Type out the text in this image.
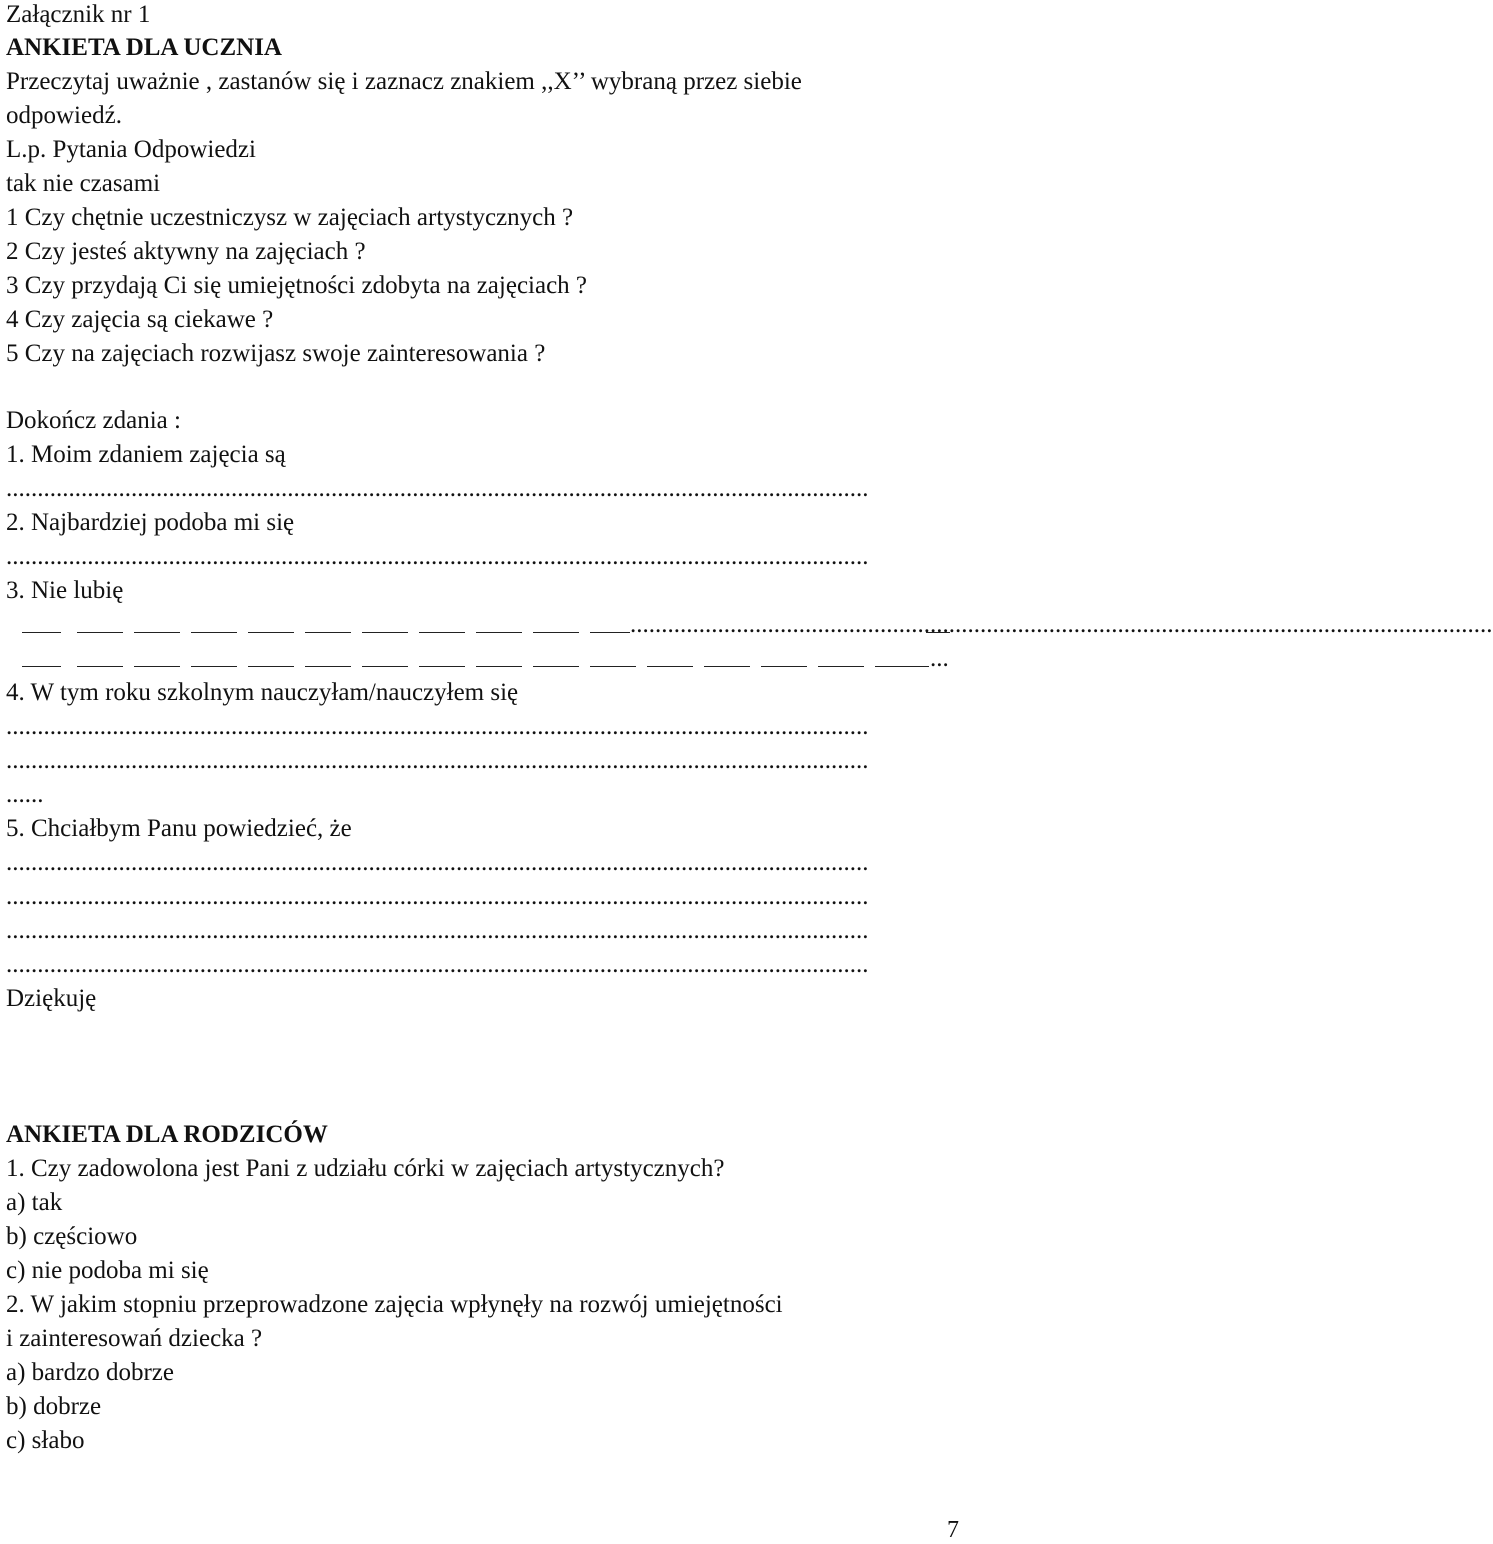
Załącznik nr 1
ANKIETA DLA UCZNIA
Przeczytaj uważnie , zastanów się i zaznacz znakiem ,,X’’ wybraną przez siebie
odpowiedź.
L.p. Pytania Odpowiedzi
tak nie czasami
1 Czy chętnie uczestniczysz w zajęciach artystycznych ?
2 Czy jesteś aktywny na zajęciach ?
3 Czy przydają Ci się umiejętności zdobyta na zajęciach ?
4 Czy zajęcia są ciekawe ?
5 Czy na zajęciach rozwijasz swoje zainteresowania ?
Dokończ zdania :
1. Moim zdaniem zajęcia są
..........................................................................................................................................
2. Najbardziej podoba mi się
..........................................................................................................................................
3. Nie lubię
..........................................................................................................................................
...
4. W tym roku szkolnym nauczyłam/nauczyłem się
..........................................................................................................................................
..........................................................................................................................................
......
5. Chciałbym Panu powiedzieć, że
..........................................................................................................................................
..........................................................................................................................................
..........................................................................................................................................
..........................................................................................................................................
Dziękuję
ANKIETA DLA RODZICÓW
1. Czy zadowolona jest Pani z udziału córki w zajęciach artystycznych?
a) tak
b) częściowo
c) nie podoba mi się
2. W jakim stopniu przeprowadzone zajęcia wpłynęły na rozwój umiejętności
i zainteresowań dziecka ?
a) bardzo dobrze
b) dobrze
c) słabo
7
